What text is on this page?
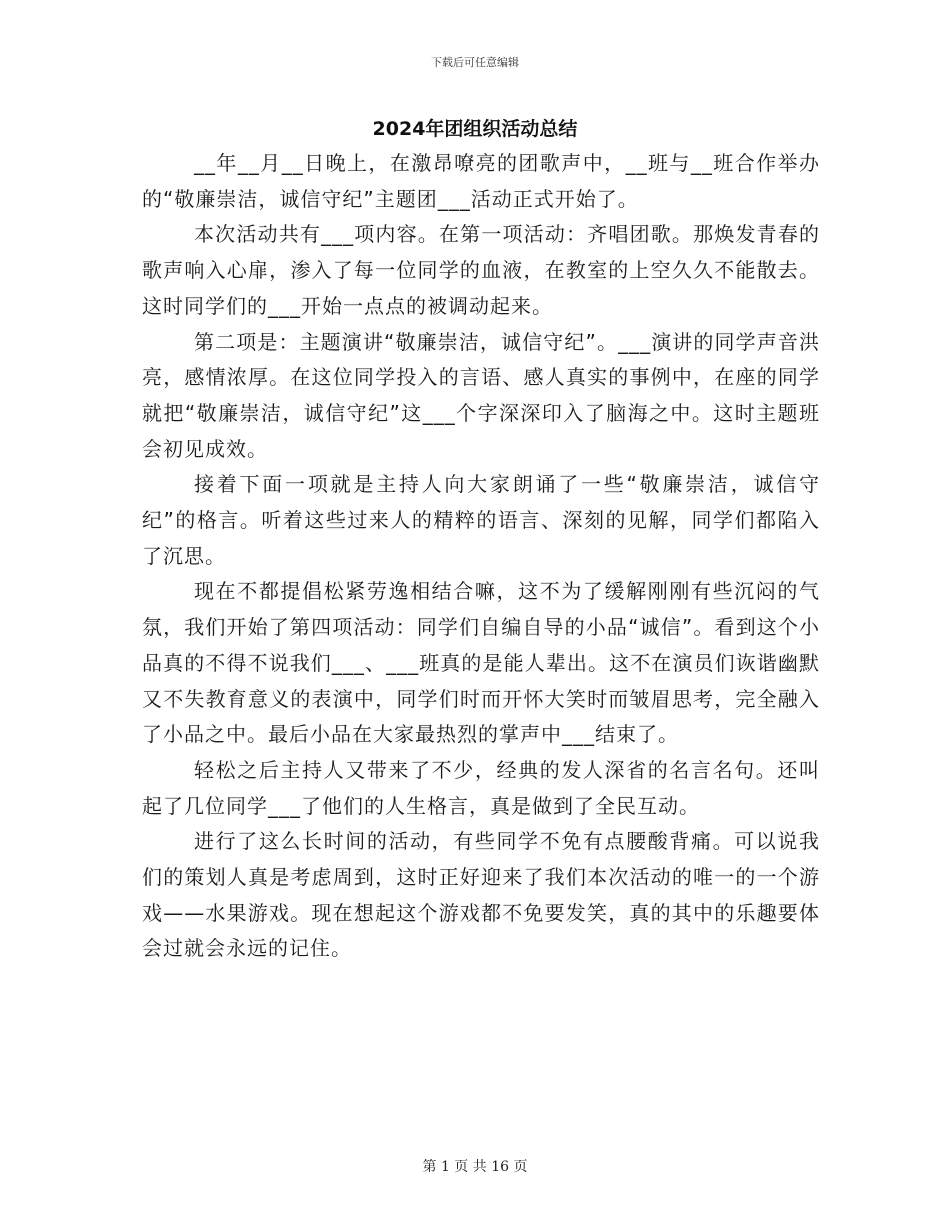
下载后可任意编辑
2024年团组织活动总结

__年__月__日晚上，在激昂嘹亮的团歌声中，__班与__班合作举办的“敬廉崇洁，诚信守纪”主题团___活动正式开始了。

本次活动共有___项内容。在第一项活动：齐唱团歌。那焕发青春的歌声响入心扉，渗入了每一位同学的血液，在教室的上空久久不能散去。这时同学们的___开始一点点的被调动起来。

第二项是：主题演讲“敬廉崇洁，诚信守纪”。___演讲的同学声音洪亮，感情浓厚。在这位同学投入的言语、感人真实的事例中，在座的同学就把“敬廉崇洁，诚信守纪”这___个字深深印入了脑海之中。这时主题班会初见成效。

接着下面一项就是主持人向大家朗诵了一些“敬廉崇洁，诚信守纪”的格言。听着这些过来人的精粹的语言、深刻的见解，同学们都陷入了沉思。

现在不都提倡松紧劳逸相结合嘛，这不为了缓解刚刚有些沉闷的气氛，我们开始了第四项活动：同学们自编自导的小品“诚信”。看到这个小品真的不得不说我们___、___班真的是能人辈出。这不在演员们诙谐幽默又不失教育意义的表演中，同学们时而开怀大笑时而皱眉思考，完全融入了小品之中。最后小品在大家最热烈的掌声中___结束了。

轻松之后主持人又带来了不少，经典的发人深省的名言名句。还叫起了几位同学___了他们的人生格言，真是做到了全民互动。

进行了这么长时间的活动，有些同学不免有点腰酸背痛。可以说我们的策划人真是考虑周到，这时正好迎来了我们本次活动的唯一的一个游戏——水果游戏。现在想起这个游戏都不免要发笑，真的其中的乐趣要体会过就会永远的记住。

第 1 页 共 16 页
